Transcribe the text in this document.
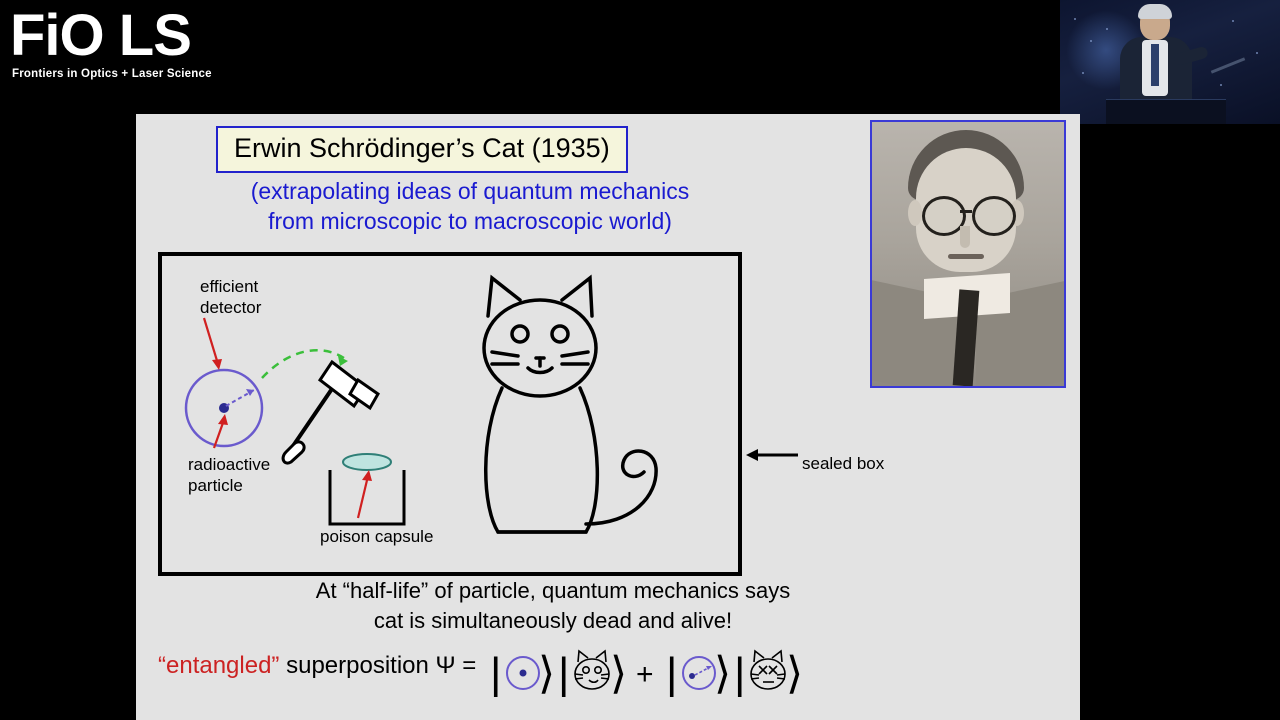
FiO LS
Frontiers in Optics + Laser Science
Erwin Schrödinger’s Cat (1935)
(extrapolating ideas of quantum mechanics
from microscopic to macroscopic world)
efficient
detector
radioactive
particle
poison capsule
sealed box
At “half-life” of particle, quantum mechanics says
cat is simultaneously dead and alive!
“entangled” superposition Ψ = | ⟩ | ⟩ + | ⟩ | ⟩
